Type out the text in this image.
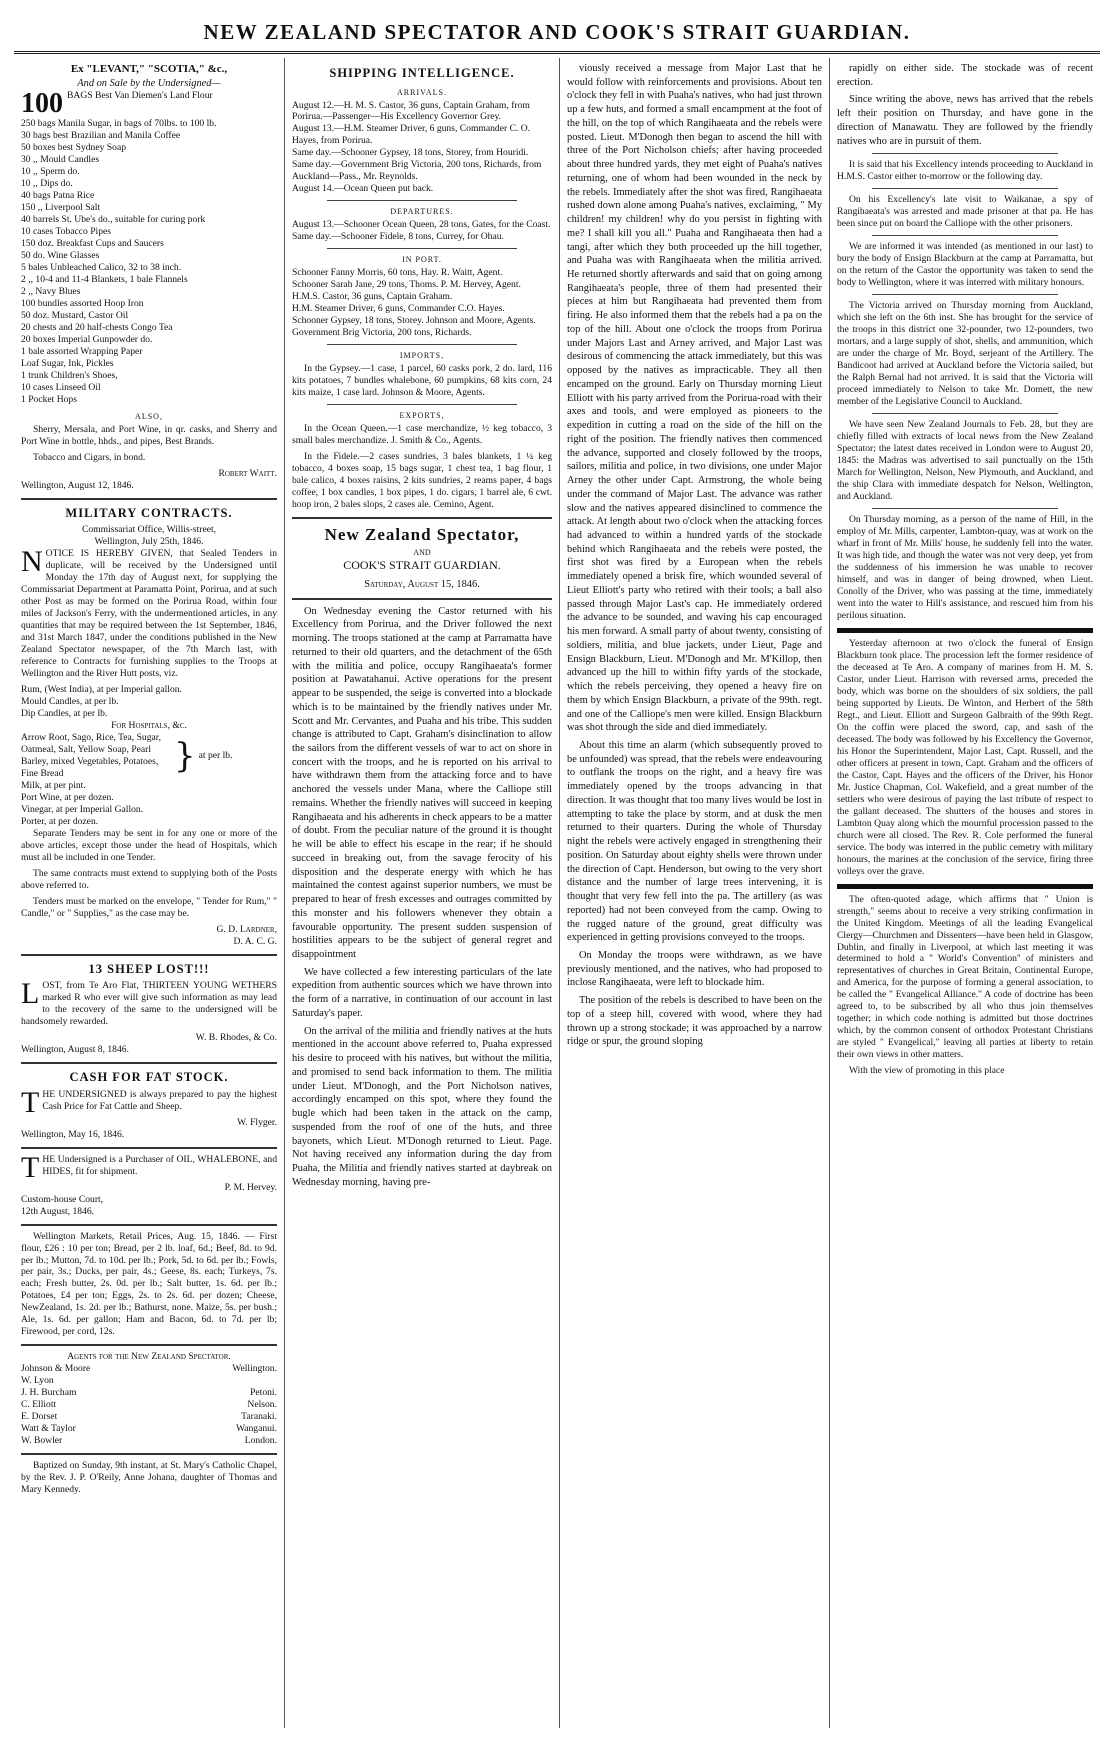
NEW ZEALAND SPECTATOR AND COOK'S STRAIT GUARDIAN.
Ex "LEVANT," "SCOTIA," &c.,
And on Sale by the Undersigned—
100 BAGS Best Van Diemen's Land Flour
250 bags Manila Sugar, in bags of 70lbs. to 100 lb.
30 bags best Brazilian and Manila Coffee
50 boxes best Sydney Soap
30 ,, Mould Candles
10 ,, Sperm do.
10 ,, Dips do.
40 bags Patna Rice
150 ,, Liverpool Salt
40 barrels St. Ube's do., suitable for curing pork
10 cases Tobacco Pipes
150 doz. Breakfast Cups and Saucers
50 do. Wine Glasses
5 bales Unbleached Calico, 32 to 38 inch.
2 ,, 10-4 and 11-4 Blankets, 1 bale Flannels
2 ,, Navy Blues
100 bundles assorted Hoop Iron
50 doz. Mustard, Castor Oil
20 chests and 20 half-chests Congo Tea
20 boxes Imperial Gunpowder do.
1 bale assorted Wrapping Paper
Loaf Sugar, Ink, Pickles
1 trunk Children's Shoes,
10 cases Linseed Oil
1 Pocket Hops
ALSO,

Sherry, Mersala, and Port Wine, in qr. casks, and Sherry and Port Wine in bottle, hhds., and pipes, Best Brands.

Tobacco and Cigars, in bond.

Robert Waitt.
Wellington, August 12, 1846.
MILITARY CONTRACTS.
Commissariat Office, Willis-street,
Wellington, July 25th, 1846.

NOTICE IS HEREBY GIVEN, that Sealed Tenders in duplicate, will be received by the Undersigned until Monday the 17th day of August next, for supplying the Commissariat Department at Paramatta Point, Porirua, and at such other Post as may be formed on the Porirua Road, within four miles of Jackson's Ferry, with the undermentioned articles, in any quantities that may be required between the 1st September, 1846, and 31st March 1847, under the conditions published in the New Zealand Spectator newspaper, of the 7th March last, with reference to Contracts for furnishing supplies to the Troops at Wellington and the River Hutt posts, viz.

Rum, (West India), at per Imperial gallon.
Mould Candles, at per lb.
Dip Candles, at per lb.
For Hospitals, &c.
Arrow Root, Sago, Rice, Tea, Sugar, Oatmeal, Salt, Yellow Soap, Pearl Barley, mixed Vegetables, Potatoes, Fine Bread	} at per lb.
Milk, at per pint.
Port Wine, at per dozen.
Vinegar, at per Imperial Gallon.
Porter, at per dozen.

Separate Tenders may be sent in for any one or more of the above articles, except those under the head of Hospitals, which must all be included in one Tender.

The same contracts must extend to supplying both of the Posts above referred to.

Tenders must be marked on the envelope, " Tender for Rum," " Candle," or " Supplies," as the case may be.

G. D. Lardner,
D. A. C. G.
13 SHEEP LOST!!!

LOST, from Te Aro Flat, THIRTEEN YOUNG WETHERS marked R who ever will give such information as may lead to the recovery of the same to the undersigned will be handsomely rewarded.

W. B. Rhodes, & Co.
Wellington, August 8, 1846.
CASH FOR FAT STOCK.

THE UNDERSIGNED is always prepared to pay the highest Cash Price for Fat Cattle and Sheep.

W. Flyger.
Wellington, May 16, 1846.

THE Undersigned is a Purchaser of OIL, WHALEBONE, and HIDES, fit for shipment.

P. M. Hervey.
Custom-house Court,
12th August, 1846.

Wellington Markets, Retail Prices, Aug. 15, 1846. — First flour, £26 : 10 per ton; Bread, per 2 lb. loaf, 6d.; Beef, 8d. to 9d. per lb.; Mutton, 7d. to 10d. per lb.; Pork, 5d. to 6d. per lb.; Fowls, per pair, 3s.; Ducks, per pair, 4s.; Geese, 8s. each; Turkeys, 7s. each; Fresh butter, 2s. 0d. per lb.; Salt butter, 1s. 6d. per lb.; Potatoes, £4 per ton; Eggs, 2s. to 2s. 6d. per dozen; Cheese, NewZealand, 1s. 2d. per lb.; Bathurst, none. Maize, 5s. per bush.; Ale, 1s. 6d. per gallon; Ham and Bacon, 6d. to 7d. per lb; Firewood, per cord, 12s.

Agents for the New Zealand Spectator.
Johnson & Moore	Wellington.
W. Lyon
J. H. Burcham	Petoni.
C. Elliott	Nelson.
E. Dorset	Taranaki.
Watt & Taylor	Wanganui.
W. Bowler	London.

Baptized on Sunday, 9th instant, at St. Mary's Catholic Chapel, by the Rev. J. P. O'Reily, Anne Johana, daughter of Thomas and Mary Kennedy.

SHIPPING INTELLIGENCE.
ARRIVALS.
August 12.—H. M. S. Castor, 36 guns, Captain Graham, from Porirua.—Passenger—His Excellency Governor Grey.
August 13.—H.M. Steamer Driver, 6 guns, Commander C. O. Hayes, from Porirua.
Same day.—Schooner Gypsey, 18 tons, Storey, from Houridi.
Same day.—Government Brig Victoria, 200 tons, Richards, from Auckland—Pass., Mr. Reynolds.
August 14.—Ocean Queen put back.
DEPARTURES.
August 13.—Schooner Ocean Queen, 28 tons, Gates, for the Coast.
Same day.—Schooner Fidele, 8 tons, Currey, for Ohau.
IN PORT.
Schooner Fanny Morris, 60 tons, Hay. R. Waitt, Agent.
Schooner Sarah Jane, 29 tons, Thoms. P. M. Hervey, Agent.
H.M.S. Castor, 36 guns, Captain Graham.
H.M. Steamer Driver, 6 guns, Commander C.O. Hayes.
Schooner Gypsey, 18 tons, Storey. Johnson and Moore, Agents.
Government Brig Victoria, 200 tons, Richards.
IMPORTS,

In the Gypsey.—1 case, 1 parcel, 60 casks pork, 2 do. lard, 116 kits potatoes, 7 bundles whalebone, 60 pumpkins, 68 kits corn, 24 kits maize, 1 case lard. Johnson & Moore, Agents.

EXPORTS,

In the Ocean Queen.—1 case merchandize, ½ keg tobacco, 3 small bales merchandize. J. Smith & Co., Agents.

In the Fidele.—2 cases sundries, 3 bales blankets, 1 ¼ keg tobacco, 4 boxes soap, 15 bags sugar, 1 chest tea, 1 bag flour, 1 bale calico, 4 boxes raisins, 2 kits sundries, 2 reams paper, 4 bags coffee, 1 box candles, 1 box pipes, 1 do. cigars, 1 barrel ale, 6 cwt. hoop iron, 2 bales slops, 2 cases ale. Cemino, Agent.

New Zealand Spectator,
AND
COOK'S STRAIT GUARDIAN.
Saturday, August 15, 1846.

On Wednesday evening the Castor returned with his Excellency from Porirua, and the Driver followed the next morning. The troops stationed at the camp at Parramatta have returned to their old quarters, and the detachment of the 65th with the militia and police, occupy Rangihaeata's former position at Pawatahanui. Active operations for the present appear to be suspended, the seige is converted into a blockade which is to be maintained by the friendly natives under Mr. Scott and Mr. Cervantes, and Puaha and his tribe. This sudden change is attributed to Capt. Graham's disinclination to allow the sailors from the different vessels of war to act on shore in concert with the troops, and he is reported on his arrival to have withdrawn them from the attacking force and to have anchored the vessels under Mana, where the Calliope still remains. Whether the friendly natives will succeed in keeping Rangihaeata and his adherents in check appears to be a matter of doubt. From the peculiar nature of the ground it is thought he will be able to effect his escape in the rear; if he should succeed in breaking out, from the savage ferocity of his disposition and the desperate energy with which he has maintained the contest against superior numbers, we must be prepared to hear of fresh excesses and outrages committed by this monster and his followers whenever they obtain a favourable opportunity. The present sudden suspension of hostilities appears to be the subject of general regret and disappointment

We have collected a few interesting particulars of the late expedition from authentic sources which we have thrown into the form of a narrative, in continuation of our account in last Saturday's paper.

On the arrival of the militia and friendly natives at the huts mentioned in the account above referred to, Puaha expressed his desire to proceed with his natives, but without the militia, and promised to send back information to them. The militia under Lieut. M'Donogh, and the Port Nicholson natives, accordingly encamped on this spot, where they found the bugle which had been taken in the attack on the camp, suspended from the roof of one of the huts, and three bayonets, which Lieut. M'Donogh returned to Lieut. Page. Not having received any information during the day from Puaha, the Militia and friendly natives started at daybreak on Wednesday morning, having pre-

viously received a message from Major Last that he would follow with reinforcements and provisions. About ten o'clock they fell in with Puaha's natives, who had just thrown up a few huts, and formed a small encampment at the foot of the hill, on the top of which Rangihaeata and the rebels were posted. Lieut. M'Donogh then began to ascend the hill with three of the Port Nicholson chiefs; after having proceeded about three hundred yards, they met eight of Puaha's natives returning, one of whom had been wounded in the neck by the rebels. Immediately after the shot was fired, Rangihaeata rushed down alone among Puaha's natives, exclaiming, " My children! my children! why do you persist in fighting with me? I shall kill you all." Puaha and Rangihaeata then had a tangi, after which they both proceeded up the hill together, and Puaha was with Rangihaeata when the militia arrived. He returned shortly afterwards and said that on going among Rangihaeata's people, three of them had presented their pieces at him but Rangihaeata had prevented them from firing. He also informed them that the rebels had a pa on the top of the hill. About one o'clock the troops from Porirua under Majors Last and Arney arrived, and Major Last was desirous of commencing the attack immediately, but this was opposed by the natives as impracticable. They all then encamped on the ground. Early on Thursday morning Lieut Elliott with his party arrived from the Porirua-road with their axes and tools, and were employed as pioneers to the expedition in cutting a road on the side of the hill on the right of the position. The friendly natives then commenced the advance, supported and closely followed by the troops, sailors, militia and police, in two divisions, one under Major Arney the other under Capt. Armstrong, the whole being under the command of Major Last. The advance was rather slow and the natives appeared disinclined to commence the attack. At length about two o'clock when the attacking forces had advanced to within a hundred yards of the stockade behind which Rangihaeata and the rebels were posted, the first shot was fired by a European when the rebels immediately opened a brisk fire, which wounded several of Lieut Elliott's party who retired with their tools; a ball also passed through Major Last's cap. He immediately ordered the advance to be sounded, and waving his cap encouraged his men forward. A small party of about twenty, consisting of soldiers, militia, and blue jackets, under Lieut, Page and Ensign Blackburn, Lieut. M'Donogh and Mr. M'Killop, then advanced up the hill to within fifty yards of the stockade, which the rebels perceiving, they opened a heavy fire on them by which Ensign Blackburn, a private of the 99th. regt. and one of the Calliope's men were killed. Ensign Blackburn was shot through the side and died immediately.

About this time an alarm (which subsequently proved to be unfounded) was spread, that the rebels were endeavouring to outflank the troops on the right, and a heavy fire was immediately opened by the troops advancing in that direction. It was thought that too many lives would be lost in attempting to take the place by storm, and at dusk the men returned to their quarters. During the whole of Thursday night the rebels were actively engaged in strengthening their position. On Saturday about eighty shells were thrown under the direction of Capt. Henderson, but owing to the very short distance and the number of large trees intervening, it is thought that very few fell into the pa. The artillery (as was reported) had not been conveyed from the camp. Owing to the rugged nature of the ground, great difficulty was experienced in getting provisions conveyed to the troops.

On Monday the troops were withdrawn, as we have previously mentioned, and the natives, who had proposed to inclose Rangihaeata, were left to blockade him.

The position of the rebels is described to have been on the top of a steep hill, covered with wood, where they had thrown up a strong stockade; it was approached by a narrow ridge or spur, the ground sloping

rapidly on either side. The stockade was of recent erection.

Since writing the above, news has arrived that the rebels left their position on Thursday, and have gone in the direction of Manawatu. They are followed by the friendly natives who are in pursuit of them.

It is said that his Excellency intends proceeding to Auckland in H.M.S. Castor either to-morrow or the following day.

On his Excellency's late visit to Waikanae, a spy of Rangihaeata's was arrested and made prisoner at that pa. He has been since put on board the Calliope with the other prisoners.

We are informed it was intended (as mentioned in our last) to bury the body of Ensign Blackburn at the camp at Parramatta, but on the return of the Castor the opportunity was taken to send the body to Wellington, where it was interred with military honours.

The Victoria arrived on Thursday morning from Auckland, which she left on the 6th inst. She has brought for the service of the troops in this district one 32-pounder, two 12-pounders, two mortars, and a large supply of shot, shells, and ammunition, which are under the charge of Mr. Boyd, serjeant of the Artillery. The Bandicoot had arrived at Auckland before the Victoria sailed, but the Ralph Bernal had not arrived. It is said that the Victoria will proceed immediately to Nelson to take Mr. Domett, the new member of the Legislative Council to Auckland.

We have seen New Zealand Journals to Feb. 28, but they are chiefly filled with extracts of local news from the New Zealand Spectator; the latest dates received in London were to August 20, 1845: the Madras was advertised to sail punctually on the 15th March for Wellington, Nelson, New Plymouth, and Auckland, and the ship Clara with immediate despatch for Nelson, Wellington, and Auckland.

On Thursday morning, as a person of the name of Hill, in the employ of Mr. Mills, carpenter, Lambton-quay, was at work on the wharf in front of Mr. Mills' house, he suddenly fell into the water. It was high tide, and though the water was not very deep, yet from the suddenness of his immersion he was unable to recover himself, and was in danger of being drowned, when Lieut. Conolly of the Driver, who was passing at the time, immediately went into the water to Hill's assistance, and rescued him from his perilous situation.

Yesterday afternoon at two o'clock the funeral of Ensign Blackburn took place. The procession left the former residence of the deceased at Te Aro. A company of marines from H. M. S. Castor, under Lieut. Harrison with reversed arms, preceded the body, which was borne on the shoulders of six soldiers, the pall being supported by Lieuts. De Winton, and Herbert of the 58th Regt., and Lieut. Elliott and Surgeon Galbraith of the 99th Regt. On the coffin were placed the sword, cap, and sash of the deceased. The body was followed by his Excellency the Governor, his Honor the Superintendent, Major Last, Capt. Russell, and the other officers at present in town, Capt. Graham and the officers of the Castor, Capt. Hayes and the officers of the Driver, his Honor Mr. Justice Chapman, Col. Wakefield, and a great number of the settlers who were desirous of paying the last tribute of respect to the gallant deceased. The shutters of the houses and stores in Lambton Quay along which the mournful procession passed to the church were all closed. The Rev. R. Cole performed the funeral service. The body was interred in the public cemetry with military honours, the marines at the conclusion of the service, firing three volleys over the grave.

The often-quoted adage, which affirms that " Union is strength," seems about to receive a very striking confirmation in the United Kingdom. Meetings of all the leading Evangelical Clergy—Churchmen and Dissenters—have been held in Glasgow, Dublin, and finally in Liverpool, at which last meeting it was determined to hold a " World's Convention" of ministers and representatives of churches in Great Britain, Continental Europe, and America, for the purpose of forming a general association, to be called the " Evangelical Alliance." A code of doctrine has been agreed to, to be subscribed by all who thus join themselves together; in which code nothing is admitted but those doctrines which, by the common consent of orthodox Protestant Christians are styled " Evangelical," leaving all parties at liberty to retain their own views in other matters.

With the view of promoting in this place
